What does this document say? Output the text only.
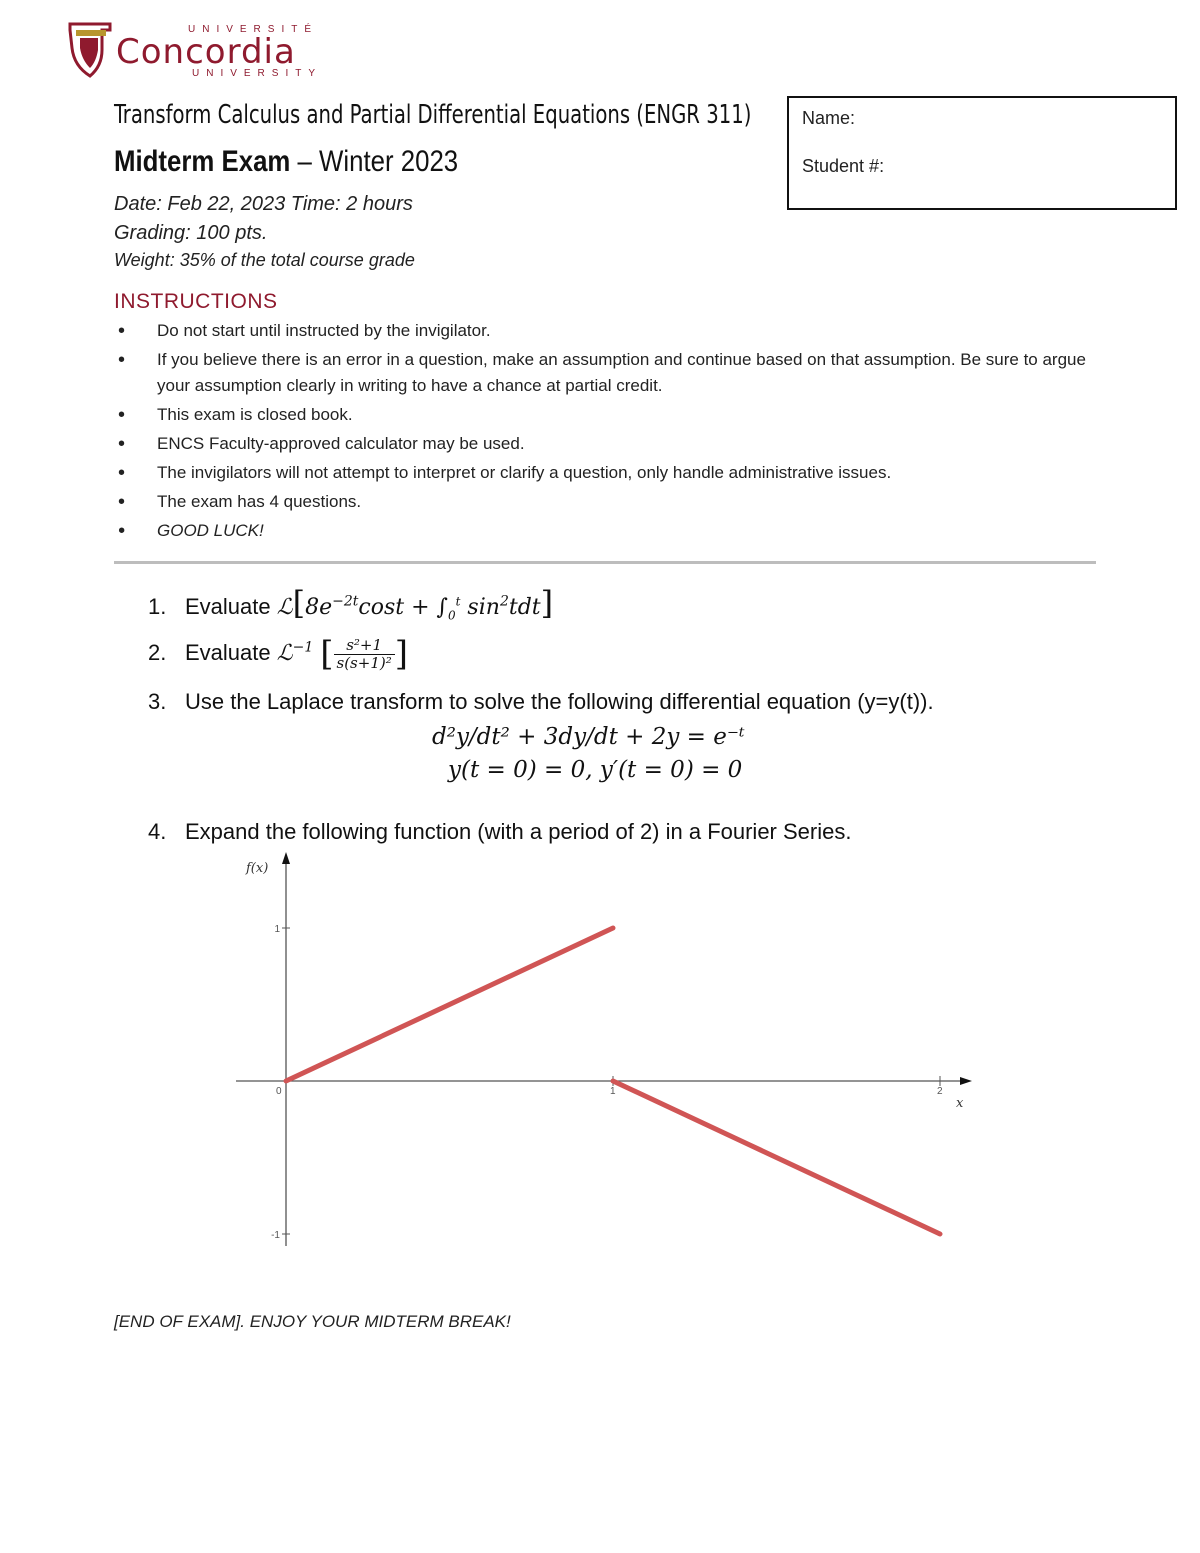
UNIVERSITÉ
Concordia
UNIVERSITY
Transform Calculus and Partial Differential Equations (ENGR 311)
Midterm Exam – Winter 2023
Date: Feb 22, 2023 Time: 2 hours
Grading: 100 pts.
Weight: 35% of the total course grade
Name:
Student #:
INSTRUCTIONS
• Do not start until instructed by the invigilator.
• If you believe there is an error in a question, make an assumption and continue based on that assumption. Be sure to argue your assumption clearly in writing to have a chance at partial credit.
• This exam is closed book.
• ENCS Faculty-approved calculator may be used.
• The invigilators will not attempt to interpret or clarify a question, only handle administrative issues.
• The exam has 4 questions.
• GOOD LUCK!
1. Evaluate $ℒ[8e^{-2t}\cos t + \int_0^t$ $\sin^2tdt$]
2. Evaluate ℒ$^{-1}$ [ $\frac{\text{s²+1}}{\text{s(s+1)²}}$ ]
3. Use the Laplace transform to solve the following differential equation (y=y(t)).
d²y/dt² + 3dy/dt + 2y = e⁻ᵗ
y(t = 0) = 0, y′(t = 0) = 0
4. Expand the following function (with a period of 2) in a Fourier Series.
f(x)
x
0	1	2
1
-1
[END OF EXAM]. ENJOY YOUR MIDTERM BREAK!
